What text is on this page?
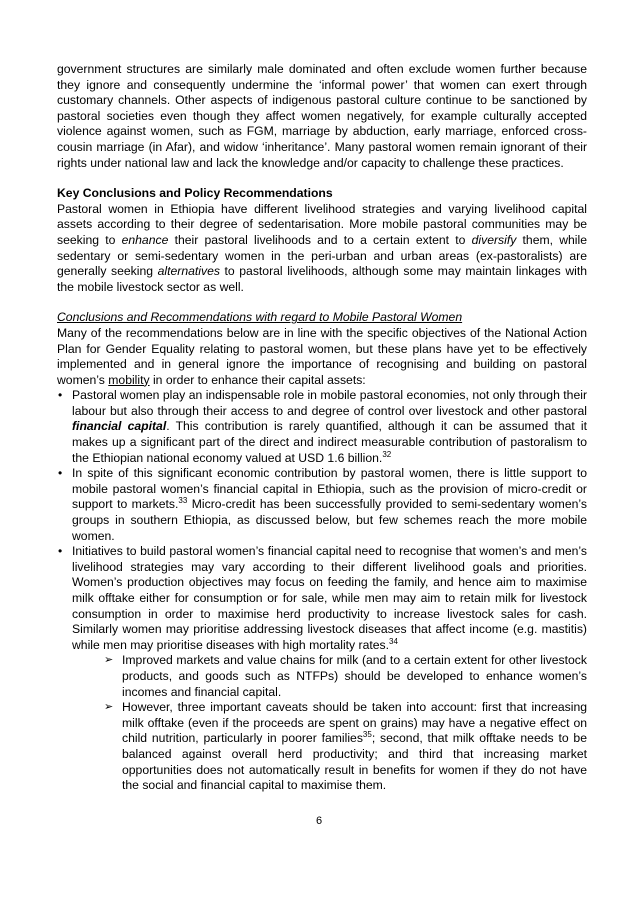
government structures are similarly male dominated and often exclude women further because they ignore and consequently undermine the ‘informal power’ that women can exert through customary channels. Other aspects of indigenous pastoral culture continue to be sanctioned by pastoral societies even though they affect women negatively, for example culturally accepted violence against women, such as FGM, marriage by abduction, early marriage, enforced cross-cousin marriage (in Afar), and widow ‘inheritance’. Many pastoral women remain ignorant of their rights under national law and lack the knowledge and/or capacity to challenge these practices.

Key Conclusions and Policy Recommendations

Pastoral women in Ethiopia have different livelihood strategies and varying livelihood capital assets according to their degree of sedentarisation. More mobile pastoral communities may be seeking to enhance their pastoral livelihoods and to a certain extent to diversify them, while sedentary or semi-sedentary women in the peri-urban and urban areas (ex-pastoralists) are generally seeking alternatives to pastoral livelihoods, although some may maintain linkages with the mobile livestock sector as well.

Conclusions and Recommendations with regard to Mobile Pastoral Women

Many of the recommendations below are in line with the specific objectives of the National Action Plan for Gender Equality relating to pastoral women, but these plans have yet to be effectively implemented and in general ignore the importance of recognising and building on pastoral women’s mobility in order to enhance their capital assets:

• Pastoral women play an indispensable role in mobile pastoral economies, not only through their labour but also through their access to and degree of control over livestock and other pastoral financial capital. This contribution is rarely quantified, although it can be assumed that it makes up a significant part of the direct and indirect measurable contribution of pastoralism to the Ethiopian national economy valued at USD 1.6 billion.$^{32}$
• In spite of this significant economic contribution by pastoral women, there is little support to mobile pastoral women’s financial capital in Ethiopia, such as the provision of micro-credit or support to markets.$^{33}$ Micro-credit has been successfully provided to semi-sedentary women’s groups in southern Ethiopia, as discussed below, but few schemes reach the more mobile women.
• Initiatives to build pastoral women’s financial capital need to recognise that women’s and men’s livelihood strategies may vary according to their different livelihood goals and priorities. Women’s production objectives may focus on feeding the family, and hence aim to maximise milk offtake either for consumption or for sale, while men may aim to retain milk for livestock consumption in order to maximise herd productivity to increase livestock sales for cash. Similarly women may prioritise addressing livestock diseases that affect income (e.g. mastitis) while men may prioritise diseases with high mortality rates.$^{34}$
➢ Improved markets and value chains for milk (and to a certain extent for other livestock products, and goods such as NTFPs) should be developed to enhance women’s incomes and financial capital.
➢ However, three important caveats should be taken into account: first that increasing milk offtake (even if the proceeds are spent on grains) may have a negative effect on child nutrition, particularly in poorer families$^{35}$; second, that milk offtake needs to be balanced against overall herd productivity; and third that increasing market opportunities does not automatically result in benefits for women if they do not have the social and financial capital to maximise them.
6
